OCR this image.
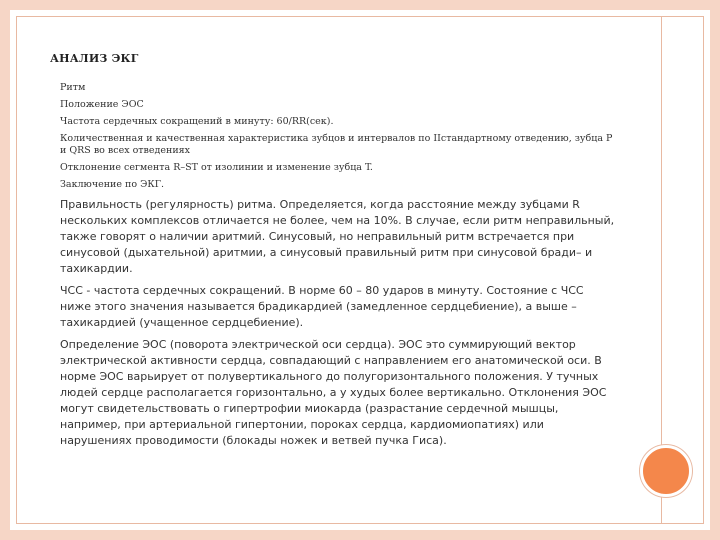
АНАЛИЗ ЭКГ
Ритм
Положение ЭОС
Частота сердечных сокращений в минуту: 60/RR(сек).
Количественная и качественная характеристика зубцов и интервалов по IIстандартному отведению, зубца P и QRS во всех отведениях
Отклонение сегмента R–ST от изолинии и изменение зубца T.
Заключение по ЭКГ.
Правильность (регулярность) ритма. Определяется, когда расстояние между зубцами R нескольких комплексов отличается не более, чем на 10%. В случае, если ритм неправильный, также говорят о наличии аритмий. Синусовый, но неправильный ритм встречается при синусовой (дыхательной) аритмии, а синусовый правильный ритм при синусовой бради– и тахикардии.
ЧСС - частота сердечных сокращений. В норме 60 – 80 ударов в минуту. Состояние с ЧСС ниже этого значения называется брадикардией (замедленное сердцебиение), а выше – тахикардией (учащенное сердцебиение).
Определение ЭОС (поворота электрической оси сердца). ЭОС это суммирующий вектор электрической активности сердца, совпадающий с направлением его анатомической оси. В норме ЭОС варьирует от полувертикального до полугоризонтального положения. У тучных людей сердце располагается горизонтально, а у худых более вертикально. Отклонения ЭОС могут свидетельствовать о гипертрофии миокарда (разрастание сердечной мышцы, например, при артериальной гипертонии, пороках сердца, кардиомиопатиях) или нарушениях проводимости (блокады ножек и ветвей пучка Гиса).
